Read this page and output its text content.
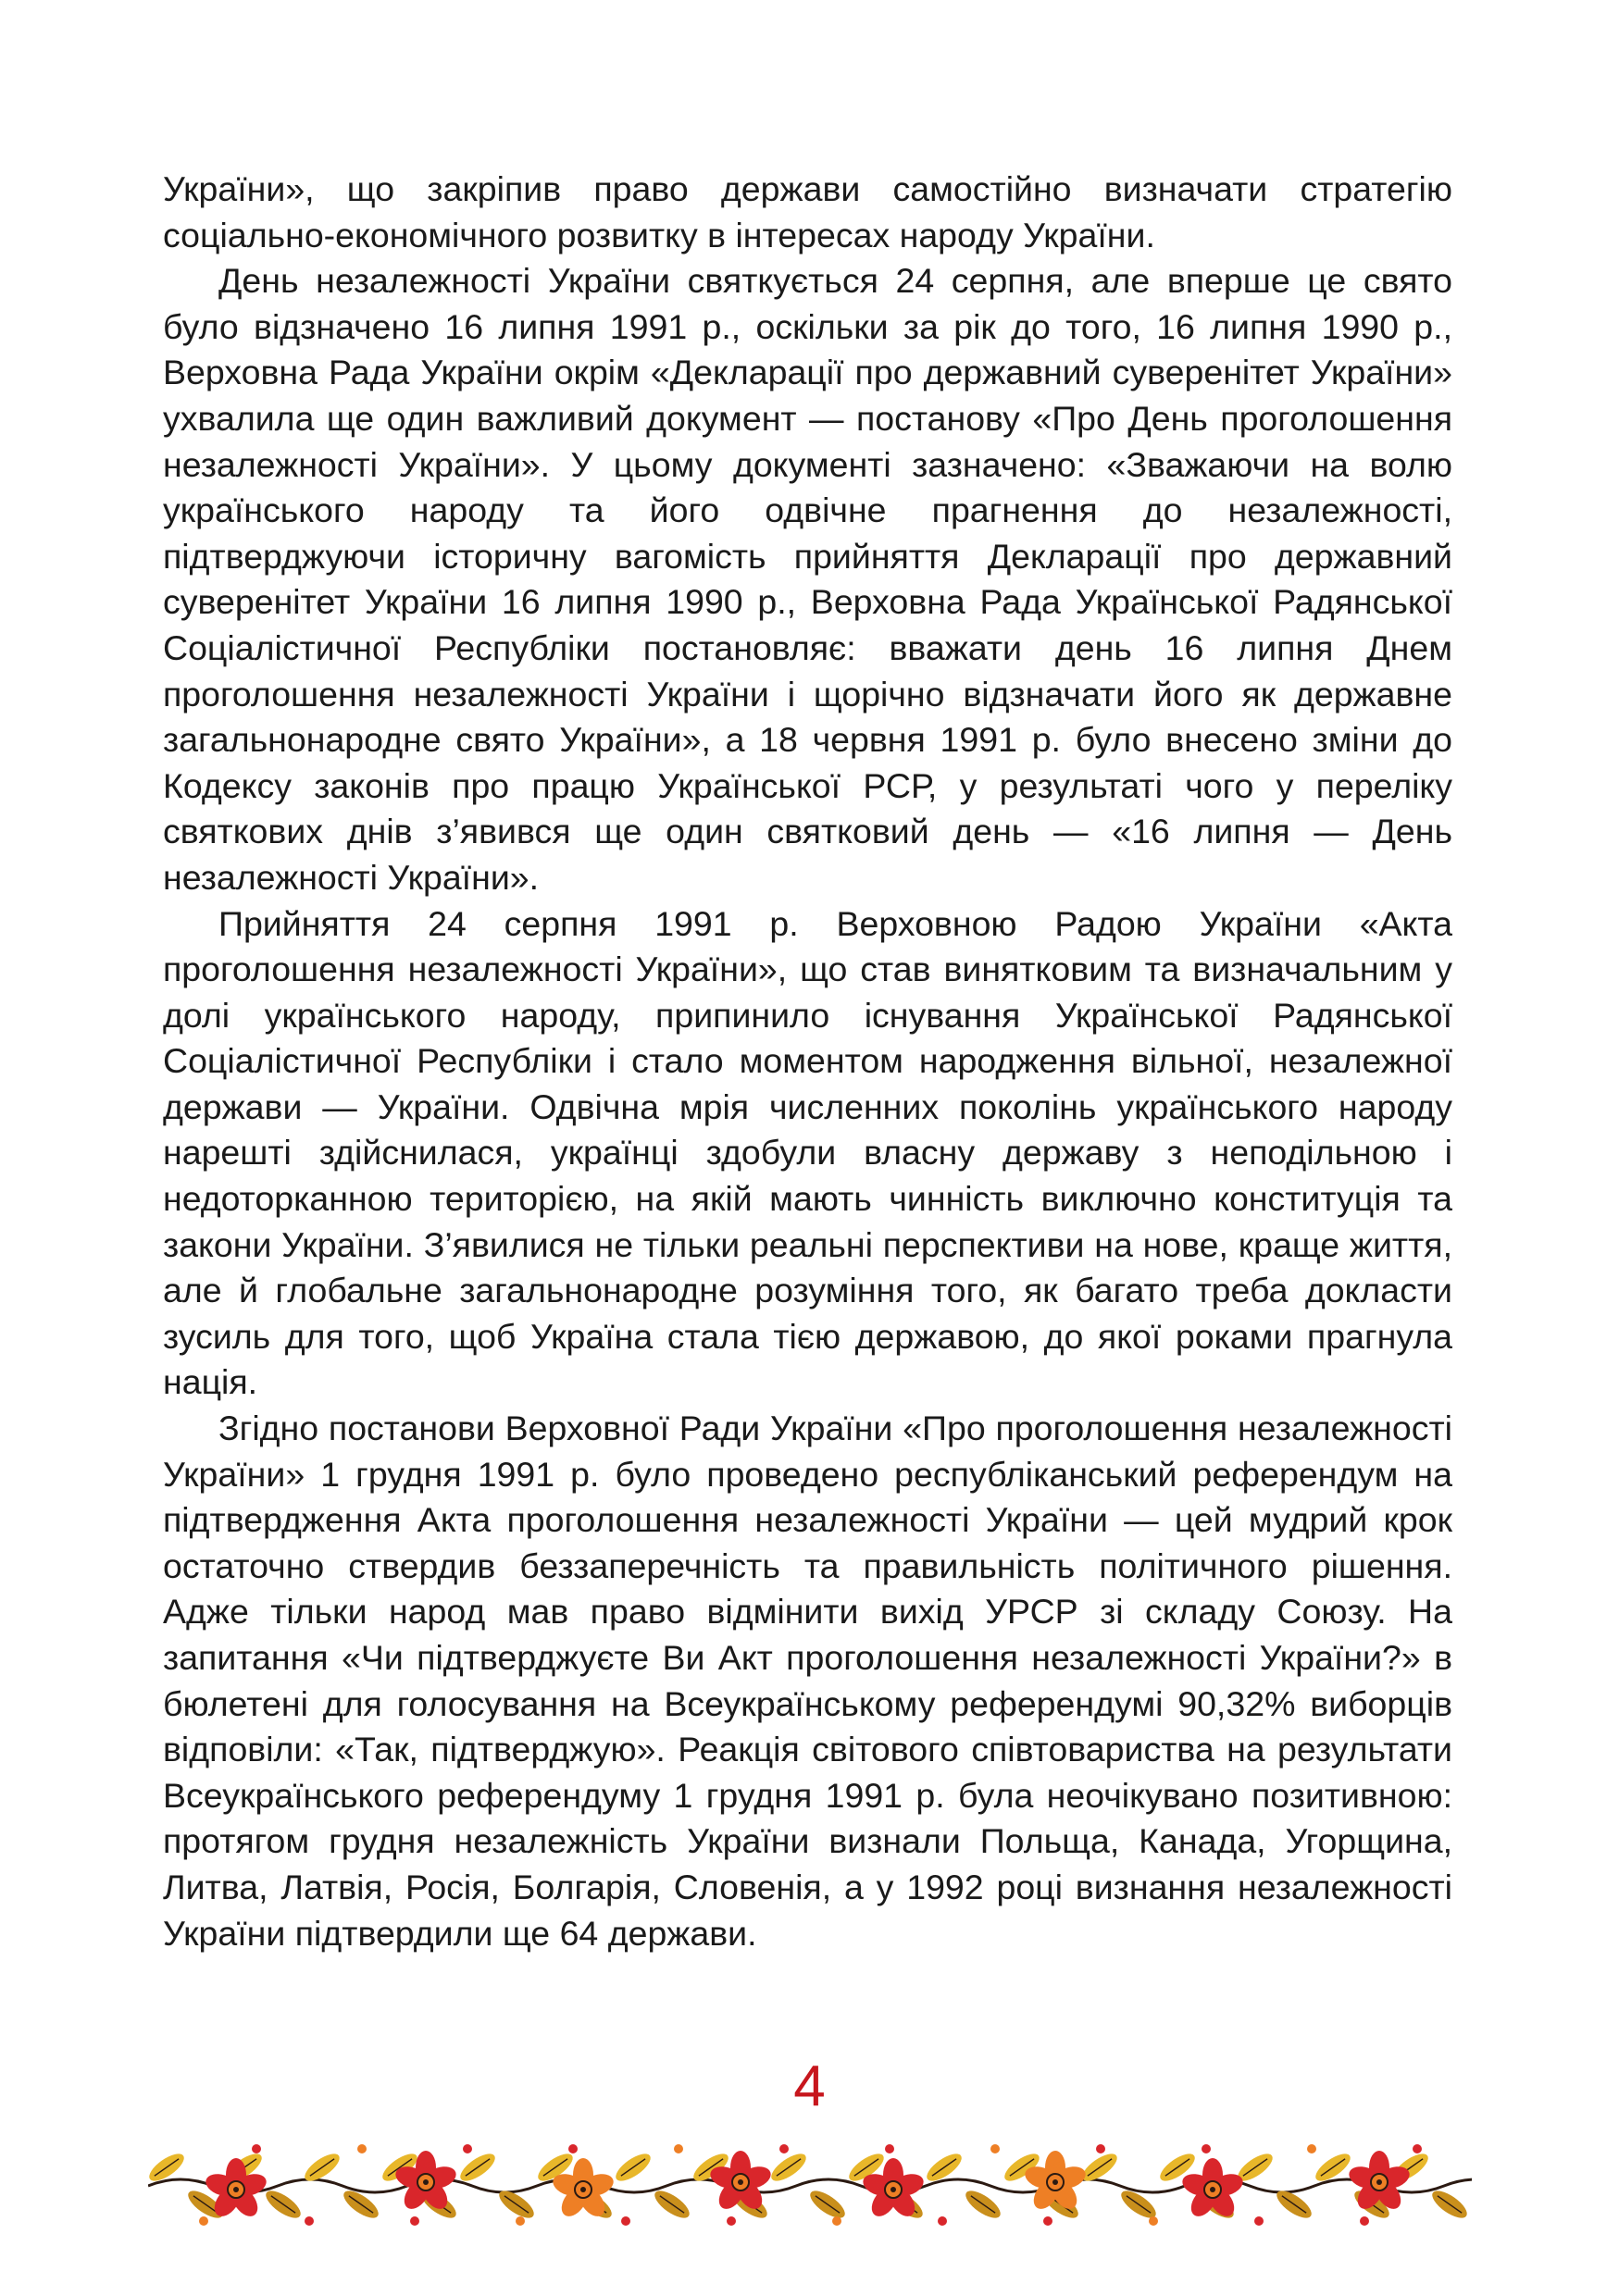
України», що закріпив право держави самостійно визначати стратегію соціально-економічного розвитку в інтересах народу України.

День незалежності України святкується 24 серпня, але вперше це свято було відзначено 16 липня 1991 р., оскільки за рік до того, 16 липня 1990 р., Верховна Рада України окрім «Декларації про державний суверенітет України» ухвалила ще один важливий документ — постанову «Про День проголошення незалежності України». У цьому документі зазначено: «Зважаючи на волю українського народу та його одвічне прагнення до незалежності, підтверджуючи історичну вагомість прийняття Декларації про державний суверенітет України 16 липня 1990 р., Верховна Рада Української Радянської Соціалістичної Республіки постановляє: вважати день 16 липня Днем проголошення незалежності України і щорічно відзначати його як державне загальнонародне свято України», а 18 червня 1991 р. було внесено зміни до Кодексу законів про працю Української РСР, у результаті чого у переліку святкових днів з’явився ще один святковий день — «16 липня — День незалежності України».

Прийняття 24 серпня 1991 р. Верховною Радою України «Акта проголошення незалежності України», що став винятковим та визначальним у долі українського народу, припинило існування Української Радянської Соціалістичної Республіки і стало моментом народження вільної, незалежної держави — України. Одвічна мрія численних поколінь українського народу нарешті здійснилася, українці здобули власну державу з неподільною і недоторканною територією, на якій мають чинність виключно конституція та закони України. З’явилися не тільки реальні перспективи на нове, краще життя, але й глобальне загальнонародне розуміння того, як багато треба докласти зусиль для того, щоб Україна стала тією державою, до якої роками прагнула нація.

Згідно постанови Верховної Ради України «Про проголошення незалежності України» 1 грудня 1991 р. було проведено республіканський референдум на підтвердження Акта проголошення незалежності України — цей мудрий крок остаточно ствердив беззаперечність та правильність політичного рішення. Адже тільки народ мав право відмінити вихід УРСР зі складу Союзу. На запитання «Чи підтверджуєте Ви Акт проголошення незалежності України?» в бюлетені для голосування на Всеукраїнському референдумі 90,32% виборців відповіли: «Так, підтверджую». Реакція світового співтовариства на результати Всеукраїнського референдуму 1 грудня 1991 р. була неочікувано позитивною: протягом грудня незалежність України визнали Польща, Канада, Угорщина, Литва, Латвія, Росія, Болгарія, Словенія, а у 1992 році визнання незалежності України підтвердили ще 64 держави.

4
